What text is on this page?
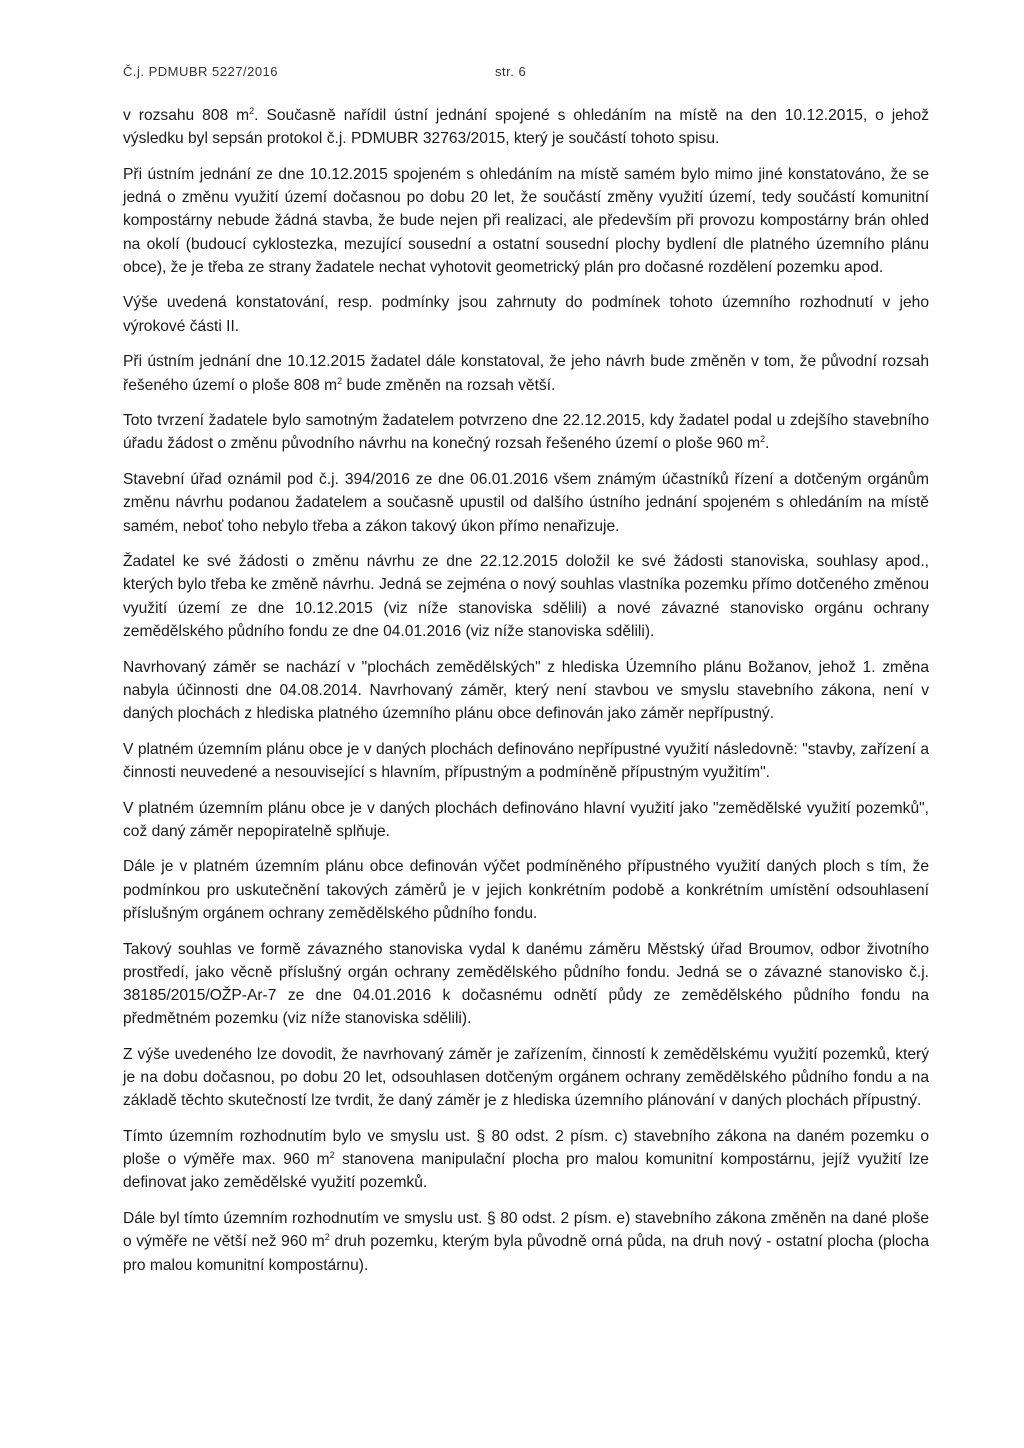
Č.j. PDMUBR 5227/2016	str. 6

v rozsahu 808 $m^2$. Současně nařídil ústní jednání spojené s ohledáním na místě na den 10.12.2015, o jehož výsledku byl sepsán protokol č.j. PDMUBR 32763/2015, který je součástí tohoto spisu.

Při ústním jednání ze dne 10.12.2015 spojeném s ohledáním na místě samém bylo mimo jiné konstatováno, že se jedná o změnu využití území dočasnou po dobu 20 let, že součástí změny využití území, tedy součástí komunitní kompostárny nebude žádná stavba, že bude nejen při realizaci, ale především při provozu kompostárny brán ohled na okolí (budoucí cyklostezka, mezující sousední a ostatní sousední plochy bydlení dle platného územního plánu obce), že je třeba ze strany žadatele nechat vyhotovit geometrický plán pro dočasné rozdělení pozemku apod.

Výše uvedená konstatování, resp. podmínky jsou zahrnuty do podmínek tohoto územního rozhodnutí v jeho výrokové části II.

Při ústním jednání dne 10.12.2015 žadatel dále konstatoval, že jeho návrh bude změněn v tom, že původní rozsah řešeného území o ploše 808 $m^2$ bude změněn na rozsah větší.

Toto tvrzení žadatele bylo samotným žadatelem potvrzeno dne 22.12.2015, kdy žadatel podal u zdejšího stavebního úřadu žádost o změnu původního návrhu na konečný rozsah řešeného území o ploše 960 $m^2$.

Stavební úřad oznámil pod č.j. 394/2016 ze dne 06.01.2016 všem známým účastníků řízení a dotčeným orgánům změnu návrhu podanou žadatelem a současně upustil od dalšího ústního jednání spojeném s ohledáním na místě samém, neboť toho nebylo třeba a zákon takový úkon přímo nenařizuje.

Žadatel ke své žádosti o změnu návrhu ze dne 22.12.2015 doložil ke své žádosti stanoviska, souhlasy apod., kterých bylo třeba ke změně návrhu. Jedná se zejména o nový souhlas vlastníka pozemku přímo dotčeného změnou využití území ze dne 10.12.2015 (viz níže stanoviska sdělili) a nové závazné stanovisko orgánu ochrany zemědělského půdního fondu ze dne 04.01.2016 (viz níže stanoviska sdělili).

Navrhovaný záměr se nachází v "plochách zemědělských" z hlediska Územního plánu Božanov, jehož 1. změna nabyla účinnosti dne 04.08.2014. Navrhovaný záměr, který není stavbou ve smyslu stavebního zákona, není v daných plochách z hlediska platného územního plánu obce definován jako záměr nepřípustný.

V platném územním plánu obce je v daných plochách definováno nepřípustné využití následovně: "stavby, zařízení a činnosti neuvedené a nesouvisející s hlavním, přípustným a podmíněně přípustným využitím".

V platném územním plánu obce je v daných plochách definováno hlavní využití jako "zemědělské využití pozemků", což daný záměr nepopiratelně splňuje.

Dále je v platném územním plánu obce definován výčet podmíněného přípustného využití daných ploch s tím, že podmínkou pro uskutečnění takových záměrů je v jejich konkrétním podobě a konkrétním umístění odsouhlasení příslušným orgánem ochrany zemědělského půdního fondu.

Takový souhlas ve formě závazného stanoviska vydal k danému záměru Městský úřad Broumov, odbor životního prostředí, jako věcně příslušný orgán ochrany zemědělského půdního fondu. Jedná se o závazné stanovisko č.j. 38185/2015/OŽP-Ar-7 ze dne 04.01.2016 k dočasnému odnětí půdy ze zemědělského půdního fondu na předmětném pozemku (viz níže stanoviska sdělili).

Z výše uvedeného lze dovodit, že navrhovaný záměr je zařízením, činností k zemědělskému využití pozemků, který je na dobu dočasnou, po dobu 20 let, odsouhlasen dotčeným orgánem ochrany zemědělského půdního fondu a na základě těchto skutečností lze tvrdit, že daný záměr je z hlediska územního plánování v daných plochách přípustný.

Tímto územním rozhodnutím bylo ve smyslu ust. § 80 odst. 2 písm. c) stavebního zákona na daném pozemku o ploše o výměře max. 960 $m^2$ stanovena manipulační plocha pro malou komunitní kompostárnu, jejíž využití lze definovat jako zemědělské využití pozemků.

Dále byl tímto územním rozhodnutím ve smyslu ust. § 80 odst. 2 písm. e) stavebního zákona změněn na dané ploše o výměře ne větší než 960 $m^2$ druh pozemku, kterým byla původně orná půda, na druh nový - ostatní plocha (plocha pro malou komunitní kompostárnu).
